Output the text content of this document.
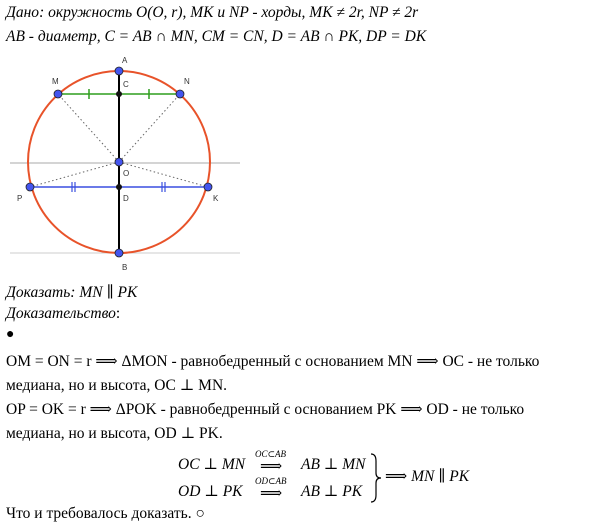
Дано: окружность O(O, r), MK и NP - хорды, MK ≠ 2r, NP ≠ 2r
AB - диаметр, C = AB ∩ MN, CM = CN, D = AB ∩ PK, DP = DK
A
B
C
D
M	N
O
P	K
Доказать: MN ∥ PK
Доказательство:
●
OM = ON = r ⟹ ΔMON - равнобедренный с основанием MN ⟹ OC - не только
медиана, но и высота, OC ⊥ MN.
OP = OK = r ⟹ ΔPOK - равнобедренный с основанием PK ⟹ OD - не только
медиана, но и высота, OD ⊥ PK.
OC ⊥ MN
OC⊂AB
⟹ AB ⊥ MN
OD ⊥ PK
OD⊂AB
⟹ AB ⊥ PK
⟹ MN ∥ PK
Что и требовалось доказать. ○
